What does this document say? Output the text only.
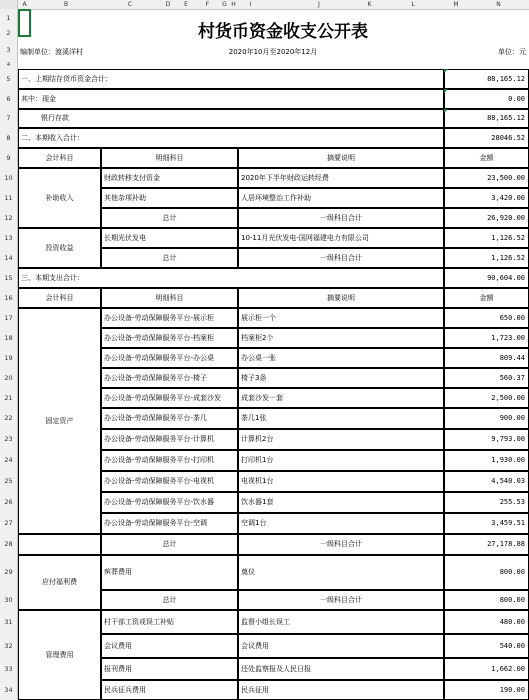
A	B	C	D	E	F	G H	I	J	K	L	M	N
1
2
3
4
5
6
7
8
9
10
11
12
13
14
15
16
17
18
19
20
21
22
23
24
25
26
27
28
29
30
31
32
33
34
村货币资金收支公开表
编制单位：渡溪洋村	2020年10月至2020年12月	单位：元
一、上期结存货币资金合计：	88,165.12
其中：现金	0.00
银行存款	88,165.12
二、本期收入合计：	28046.52
会计科目	明细科目	摘要说明	金额
补助收入
财政转移支付资金	2020年下半年财政运转经费	23,500.00
其他杂项补助	人居环境整治工作补助	3,420.00
总计	一级科目合计	26,920.00
投资收益
长期光伏发电	10-11月光伏发电-国网福建电力有限公司	1,126.52
总计	一级科目合计	1,126.52
三、本期支出合计：	90,604.00
会计科目	明细科目	摘要说明	金额
固定资产
办公设备-劳动保障服务平台-展示柜	展示柜一个	650.00
办公设备-劳动保障服务平台-档案柜	档案柜2个	1,723.00
办公设备-劳动保障服务平台-办公桌	办公桌一张	809.44
办公设备-劳动保障服务平台-椅子	椅子3条	560.37
办公设备-劳动保障服务平台-成套沙发	成套沙发一套	2,500.00
办公设备-劳动保障服务平台-茶几	茶几1张	900.00
办公设备-劳动保障服务平台-计算机	计算机2台	9,793.00
办公设备-劳动保障服务平台-打印机	打印机1台	1,930.00
办公设备-劳动保障服务平台-电视机	电视机1台	4,540.03
办公设备-劳动保障服务平台-饮水器	饮水器1套	255.53
办公设备-劳动保障服务平台-空调	空调1台	3,459.51
总计	一级科目合计	27,178.88
应付福利费
殡葬费用	奠仪	800.00
总计	一级科目合计	800.00
管理费用
村干部工资或误工补贴	监督小组长误工	480.00
会议费用	会议费用	540.00
报刊费用	还处监察报及人民日报	1,662.00
民兵征兵费用	民兵征用	190.00
